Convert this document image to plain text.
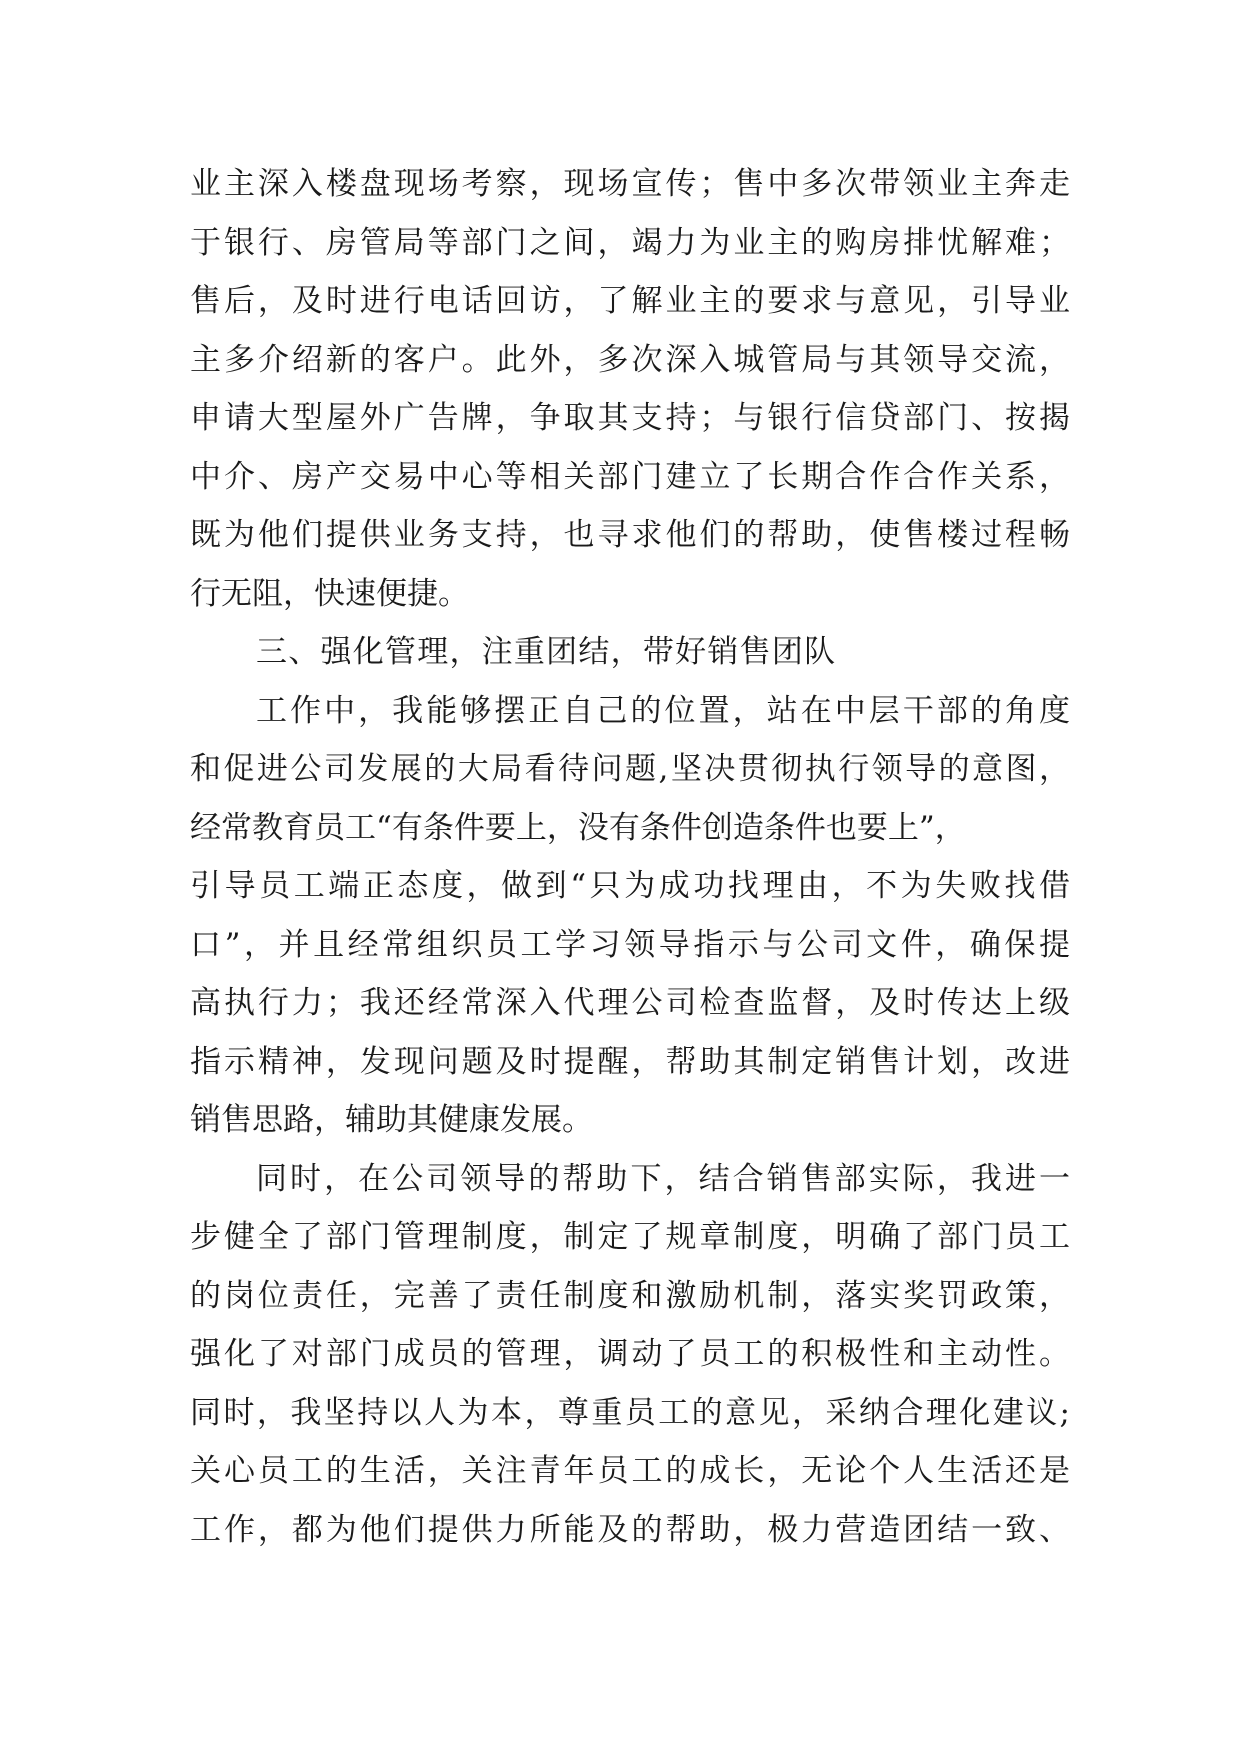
业主深入楼盘现场考察，现场宣传；售中多次带领业主奔走
于银行、房管局等部门之间，竭力为业主的购房排忧解难；
售后，及时进行电话回访，了解业主的要求与意见，引导业
主多介绍新的客户。此外，多次深入城管局与其领导交流，
申请大型屋外广告牌，争取其支持；与银行信贷部门、按揭
中介、房产交易中心等相关部门建立了长期合作合作关系，
既为他们提供业务支持，也寻求他们的帮助，使售楼过程畅
行无阻，快速便捷。
三、强化管理，注重团结，带好销售团队
工作中，我能够摆正自己的位置，站在中层干部的角度
和促进公司发展的大局看待问题,坚决贯彻执行领导的意图，
经常教育员工“有条件要上，没有条件创造条件也要上”，
引导员工端正态度，做到“只为成功找理由，不为失败找借
口”，并且经常组织员工学习领导指示与公司文件，确保提
高执行力；我还经常深入代理公司检查监督，及时传达上级
指示精神，发现问题及时提醒，帮助其制定销售计划，改进
销售思路，辅助其健康发展。
同时，在公司领导的帮助下，结合销售部实际，我进一
步健全了部门管理制度，制定了规章制度，明确了部门员工
的岗位责任，完善了责任制度和激励机制，落实奖罚政策，
强化了对部门成员的管理，调动了员工的积极性和主动性。
同时，我坚持以人为本，尊重员工的意见，采纳合理化建议;
关心员工的生活，关注青年员工的成长，无论个人生活还是
工作，都为他们提供力所能及的帮助，极力营造团结一致、
